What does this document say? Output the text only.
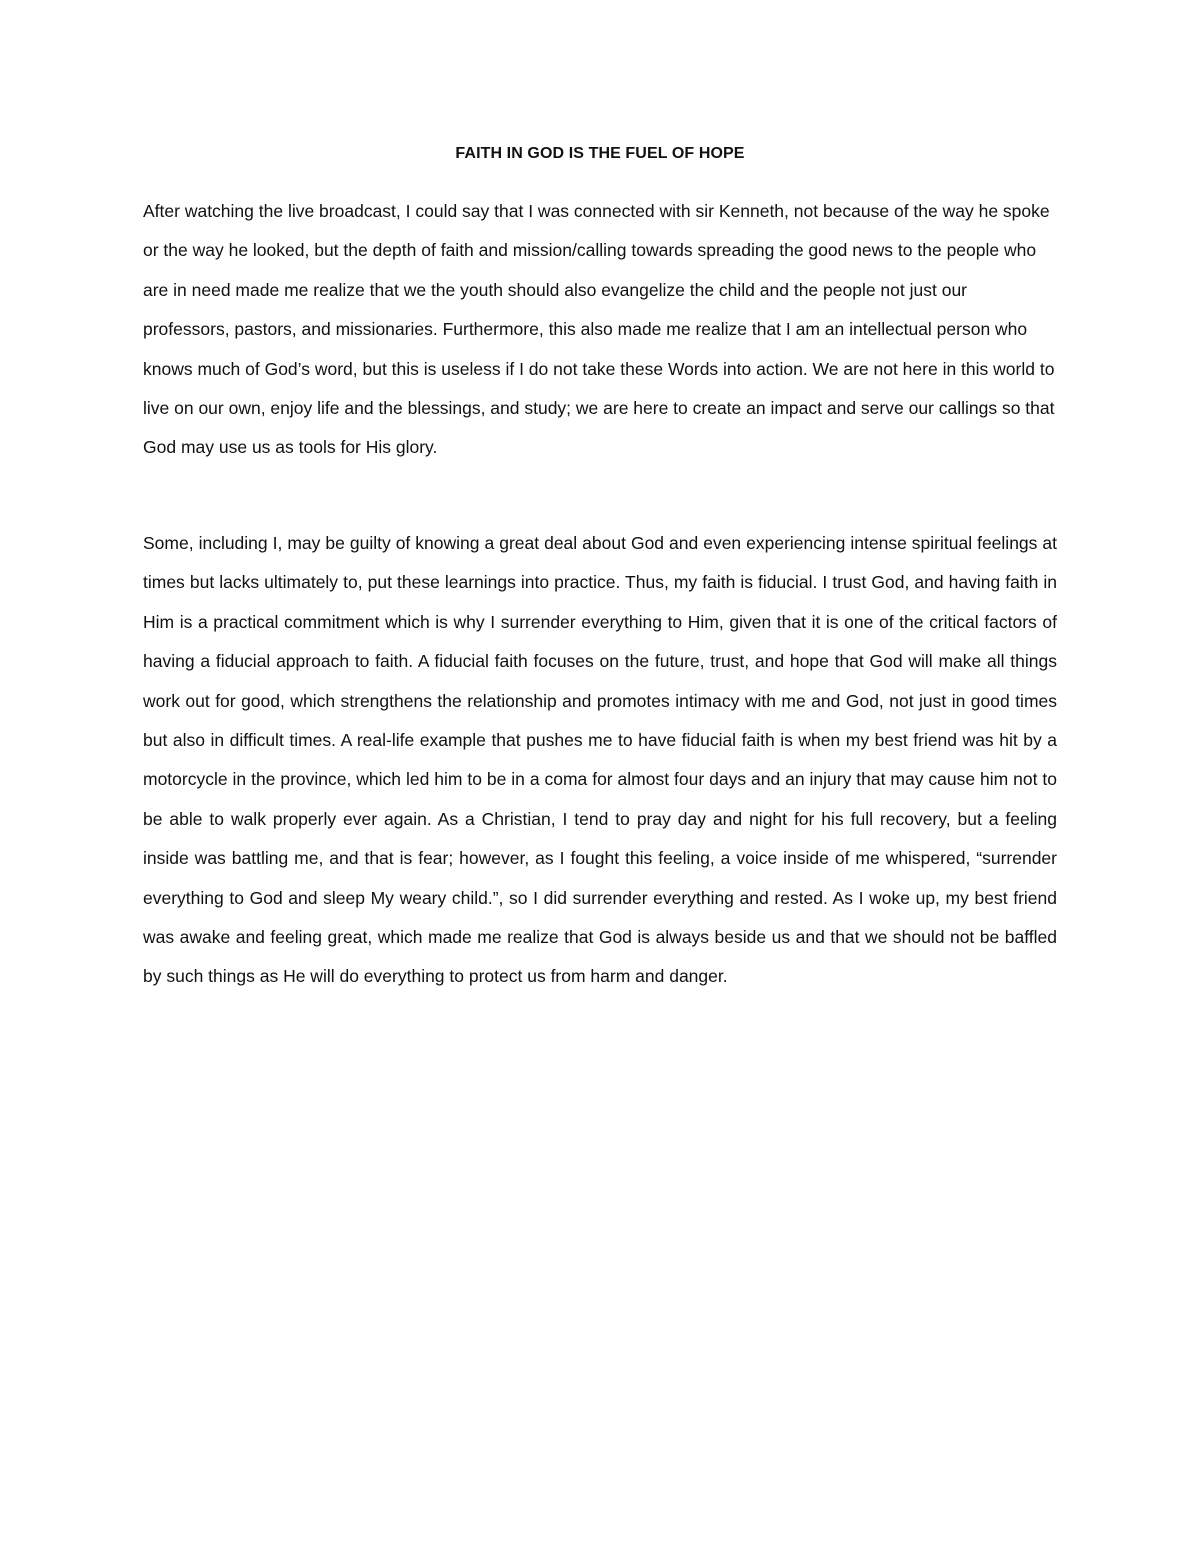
FAITH IN GOD IS THE FUEL OF HOPE

After watching the live broadcast, I could say that I was connected with sir Kenneth, not because of the way he spoke or the way he looked, but the depth of faith and mission/calling towards spreading the good news to the people who are in need made me realize that we the youth should also evangelize the child and the people not just our professors, pastors, and missionaries. Furthermore, this also made me realize that I am an intellectual person who knows much of God’s word, but this is useless if I do not take these Words into action. We are not here in this world to live on our own, enjoy life and the blessings, and study; we are here to create an impact and serve our callings so that God may use us as tools for His glory.

Some, including I, may be guilty of knowing a great deal about God and even experiencing intense spiritual feelings at times but lacks ultimately to, put these learnings into practice. Thus, my faith is fiducial. I trust God, and having faith in Him is a practical commitment which is why I surrender everything to Him, given that it is one of the critical factors of having a fiducial approach to faith. A fiducial faith focuses on the future, trust, and hope that God will make all things work out for good, which strengthens the relationship and promotes intimacy with me and God, not just in good times but also in difficult times. A real-life example that pushes me to have fiducial faith is when my best friend was hit by a motorcycle in the province, which led him to be in a coma for almost four days and an injury that may cause him not to be able to walk properly ever again. As a Christian, I tend to pray day and night for his full recovery, but a feeling inside was battling me, and that is fear; however, as I fought this feeling, a voice inside of me whispered, “surrender everything to God and sleep My weary child.”, so I did surrender everything and rested. As I woke up, my best friend was awake and feeling great, which made me realize that God is always beside us and that we should not be baffled by such things as He will do everything to protect us from harm and danger.
